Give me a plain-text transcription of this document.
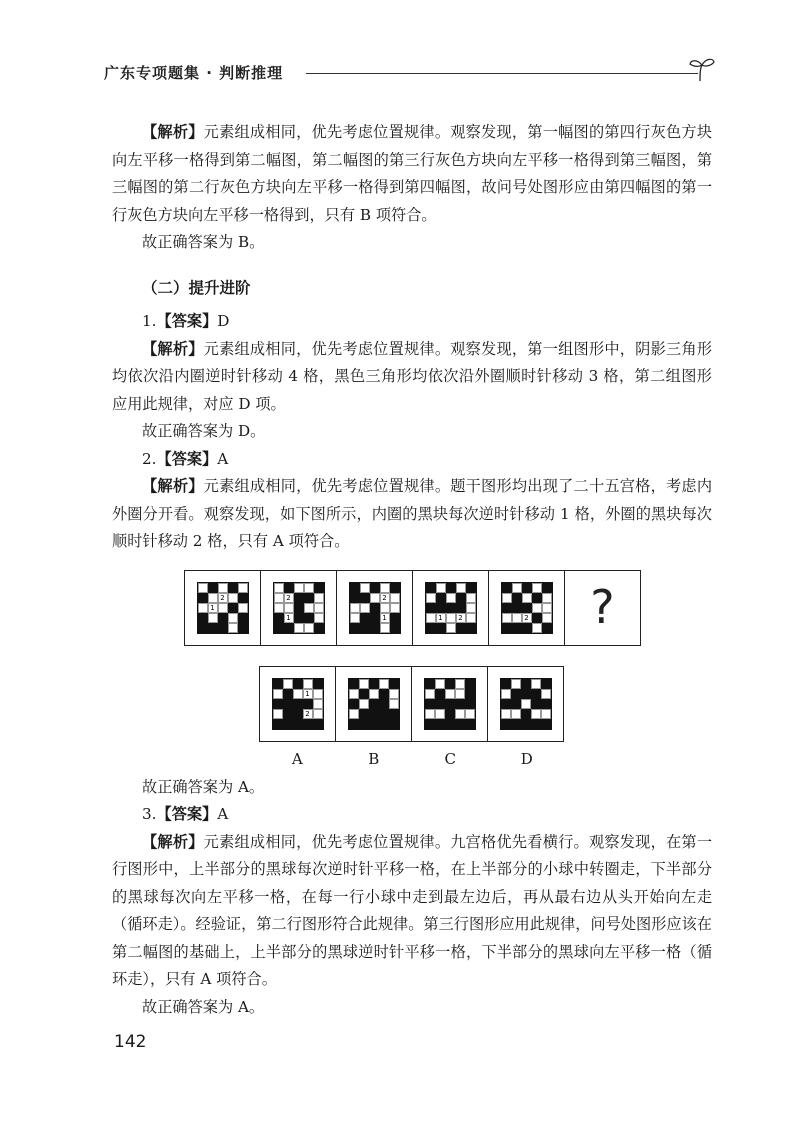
广东专项题集 · 判断推理

【解析】元素组成相同，优先考虑位置规律。观察发现，第一幅图的第四行灰色方块向左平移一格得到第二幅图，第二幅图的第三行灰色方块向左平移一格得到第三幅图，第三幅图的第二行灰色方块向左平移一格得到第四幅图，故问号处图形应由第四幅图的第一行灰色方块向左平移一格得到，只有 B 项符合。

故正确答案为 B。

（二）提升进阶

1.【答案】D

【解析】元素组成相同，优先考虑位置规律。观察发现，第一组图形中，阴影三角形均依次沿内圈逆时针移动 4 格，黑色三角形均依次沿外圈顺时针移动 3 格，第二组图形应用此规律，对应 D 项。

故正确答案为 D。

2.【答案】A

【解析】元素组成相同，优先考虑位置规律。题干图形均出现了二十五宫格，考虑内外圈分开看。观察发现，如下图所示，内圈的黑块每次逆时针移动 1 格，外圈的黑块每次顺时针移动 2 格，只有 A 项符合。

2
1
2
1
2
1	1	2	2 ?
1
2
A	B	C	D

故正确答案为 A。

3.【答案】A

【解析】元素组成相同，优先考虑位置规律。九宫格优先看横行。观察发现，在第一行图形中，上半部分的黑球每次逆时针平移一格，在上半部分的小球中转圈走，下半部分的黑球每次向左平移一格，在每一行小球中走到最左边后，再从最右边从头开始向左走（循环走）。经验证，第二行图形符合此规律。第三行图形应用此规律，问号处图形应该在第二幅图的基础上，上半部分的黑球逆时针平移一格，下半部分的黑球向左平移一格（循环走），只有 A 项符合。

故正确答案为 A。

142
